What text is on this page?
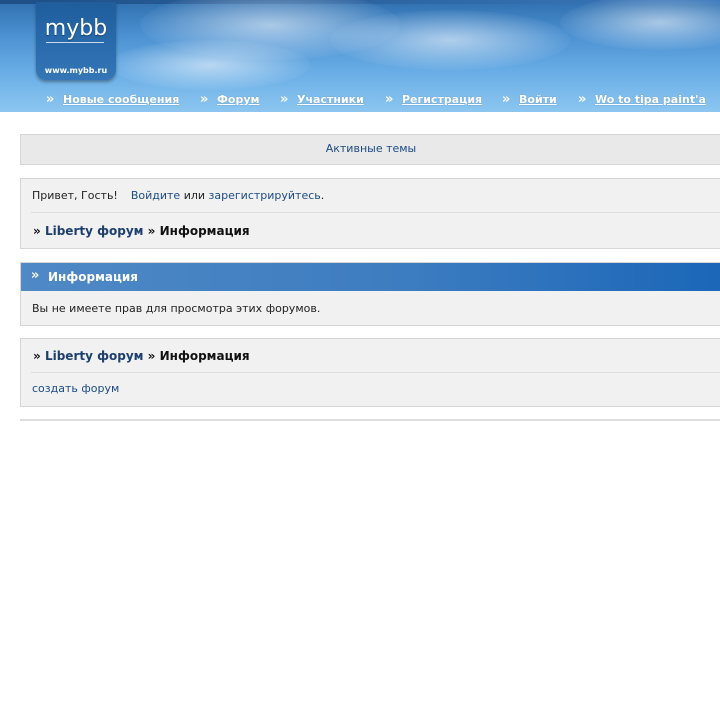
mybb
www.mybb.ru
» Новые сообщения » Форум » Участники » Регистрация » Войти » Wo to tipa paint'a
Активные темы
Привет, Гость! Войдите или зарегистрируйтесь.
» Liberty форум » Информация
» Информация
Вы не имеете прав для просмотра этих форумов.
» Liberty форум » Информация
создать форум
